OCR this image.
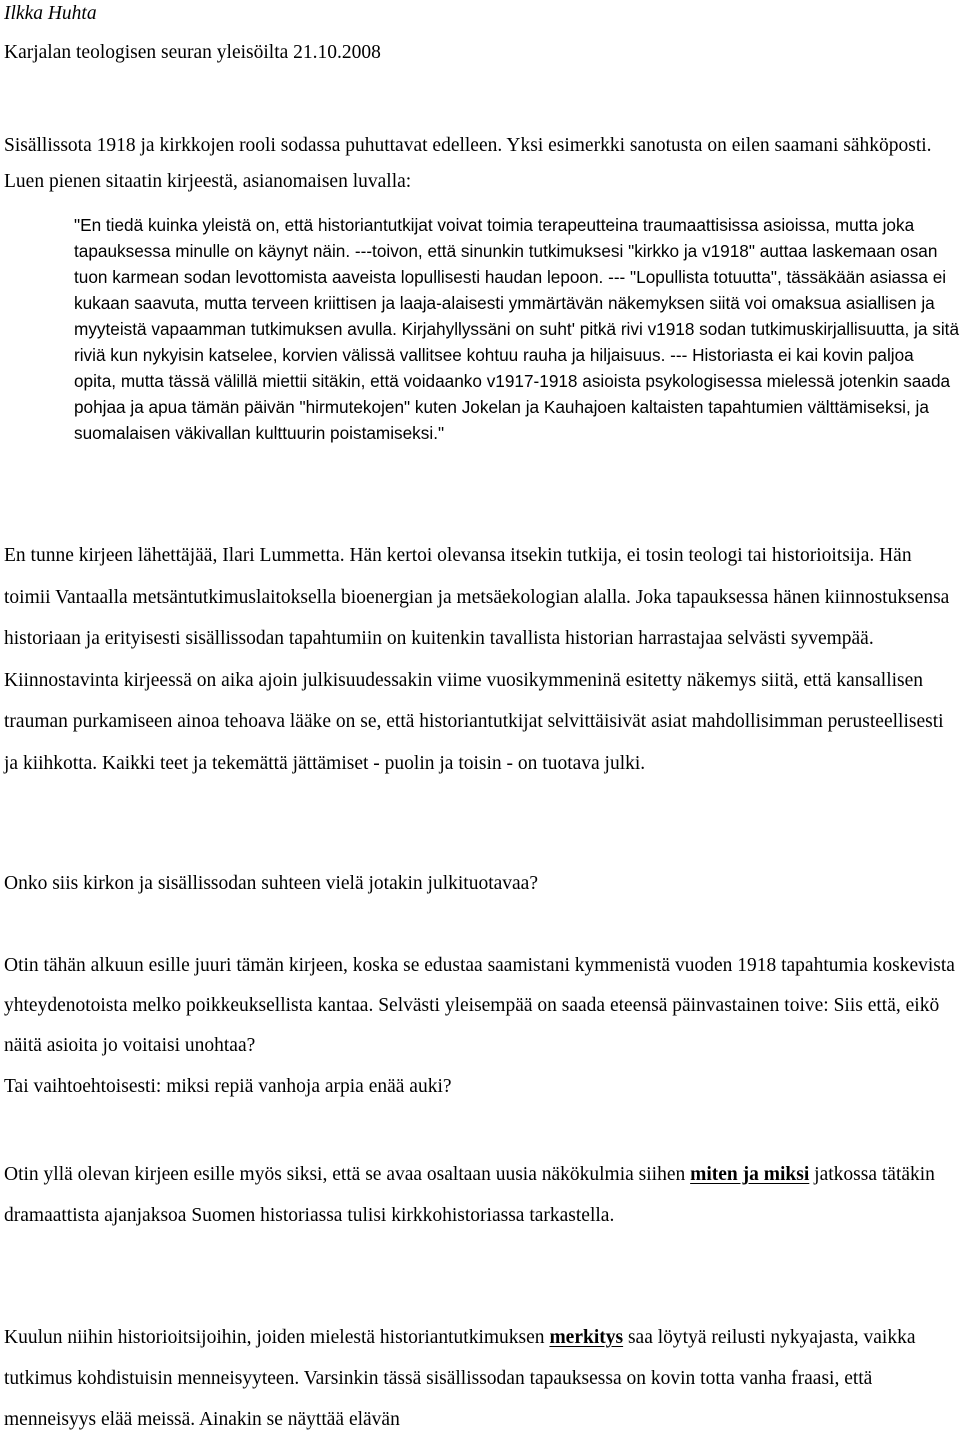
Ilkka Huhta
Karjalan teologisen seuran yleisöilta 21.10.2008

Sisällissota 1918 ja kirkkojen rooli sodassa puhuttavat edelleen. Yksi esimerkki sanotusta on eilen saamani sähköposti. Luen pienen sitaatin kirjeestä, asianomaisen luvalla:

"En tiedä kuinka yleistä on, että historiantutkijat voivat toimia terapeutteina traumaattisissa asioissa, mutta joka tapauksessa minulle on käynyt näin. ---toivon, että sinunkin tutkimuksesi "kirkko ja v1918" auttaa laskemaan osan tuon karmean sodan levottomista aaveista lopullisesti haudan lepoon. --- "Lopullista totuutta", tässäkään asiassa ei kukaan saavuta, mutta terveen kriittisen ja laaja-alaisesti ymmärtävän näkemyksen siitä voi omaksua asiallisen ja myyteistä vapaamman tutkimuksen avulla. Kirjahyllyssäni on suht' pitkä rivi v1918 sodan tutkimuskirjallisuutta, ja sitä riviä kun nykyisin katselee, korvien välissä vallitsee kohtuu rauha ja hiljaisuus. --- Historiasta ei kai kovin paljoa opita, mutta tässä välillä miettii sitäkin, että voidaanko v1917-1918 asioista psykologisessa mielessä jotenkin saada pohjaa ja apua tämän päivän "hirmutekojen" kuten Jokelan ja Kauhajoen kaltaisten tapahtumien välttämiseksi, ja suomalaisen väkivallan kulttuurin poistamiseksi."

En tunne kirjeen lähettäjää, Ilari Lummetta. Hän kertoi olevansa itsekin tutkija, ei tosin teologi tai historioitsija. Hän toimii Vantaalla metsäntutkimuslaitoksella bioenergian ja metsäekologian alalla. Joka tapauksessa hänen kiinnostuksensa historiaan ja erityisesti sisällissodan tapahtumiin on kuitenkin tavallista historian harrastajaa selvästi syvempää. Kiinnostavinta kirjeessä on aika ajoin julkisuudessakin viime vuosikymmeninä esitetty näkemys siitä, että kansallisen trauman purkamiseen ainoa tehoava lääke on se, että historiantutkijat selvittäisivät asiat mahdollisimman perusteellisesti ja kiihkotta. Kaikki teet ja tekemättä jättämiset - puolin ja toisin - on tuotava julki.

Onko siis kirkon ja sisällissodan suhteen vielä jotakin julkituotavaa?

Otin tähän alkuun esille juuri tämän kirjeen, koska se edustaa saamistani kymmenistä vuoden 1918 tapahtumia koskevista yhteydenotoista melko poikkeuksellista kantaa. Selvästi yleisempää on saada eteensä päinvastainen toive: Siis että, eikö näitä asioita jo voitaisi unohtaa?

Tai vaihtoehtoisesti: miksi repiä vanhoja arpia enää auki?

Otin yllä olevan kirjeen esille myös siksi, että se avaa osaltaan uusia näkökulmia siihen miten ja miksi jatkossa tätäkin dramaattista ajanjaksoa Suomen historiassa tulisi kirkkohistoriassa tarkastella.

Kuulun niihin historioitsijoihin, joiden mielestä historiantutkimuksen merkitys saa löytyä reilusti nykyajasta, vaikka tutkimus kohdistuisin menneisyyteen. Varsinkin tässä sisällissodan tapauksessa on kovin totta vanha fraasi, että menneisyys elää meissä. Ainakin se näyttää elävän
